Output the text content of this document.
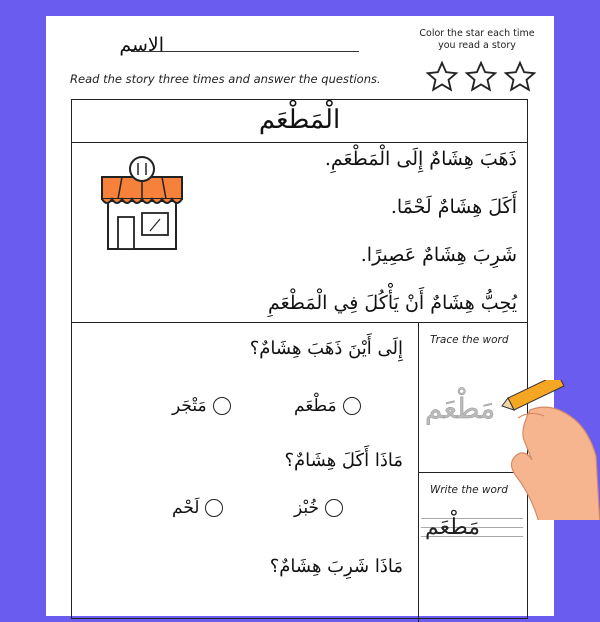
الاسم
Color the star each time
you read a story
Read the story three times and answer the questions.
الْمَطْعَم
ذَهَبَ هِشَامٌ إِلَى الْمَطْعَمِ.
أَكَلَ هِشَامٌ لَحْمًا.
شَرِبَ هِشَامٌ عَصِيرًا.
يُحِبُّ هِشَامٌ أَنْ يَأْكُلَ فِي الْمَطْعَمِ
إِلَى أَيْنَ ذَهَبَ هِشَامٌ؟
مَطْعَم
مَتْجَر
مَاذَا أَكَلَ هِشَامٌ؟
خُبْز
لَحْم
مَاذَا شَرِبَ هِشَامٌ؟
Trace the word
Write the word
مَطْعَم
مَطْعَم
